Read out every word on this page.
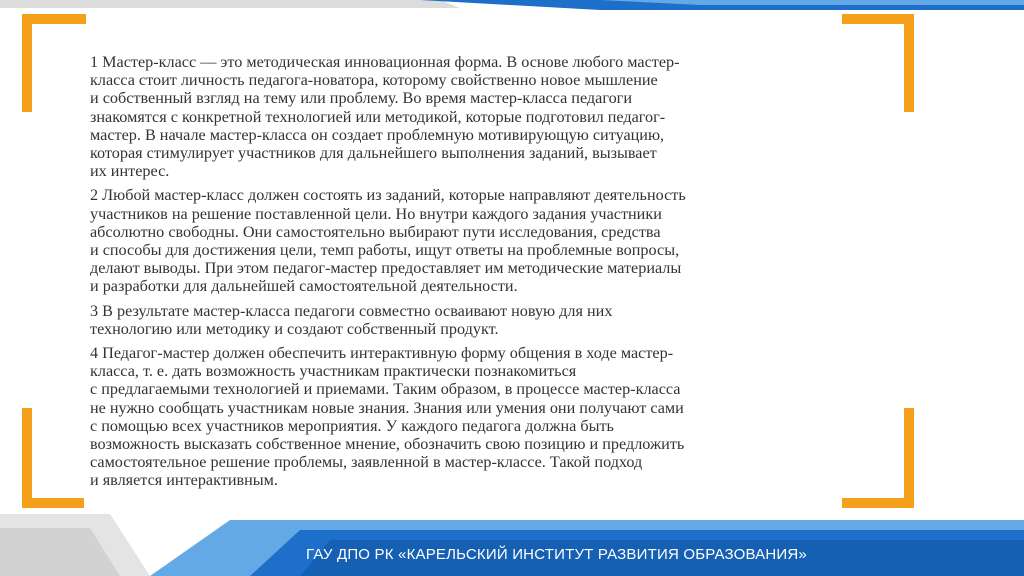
1 Мастер-класс — это методическая инновационная форма. В основе любого мастер-
класса стоит личность педагога-новатора, которому свойственно новое мышление
и собственный взгляд на тему или проблему. Во время мастер-класса педагоги
знакомятся с конкретной технологией или методикой, которые подготовил педагог-
мастер. В начале мастер-класса он создает проблемную мотивирующую ситуацию,
которая стимулирует участников для дальнейшего выполнения заданий, вызывает
их интерес.
2 Любой мастер-класс должен состоять из заданий, которые направляют деятельность
участников на решение поставленной цели. Но внутри каждого задания участники
абсолютно свободны. Они самостоятельно выбирают пути исследования, средства
и способы для достижения цели, темп работы, ищут ответы на проблемные вопросы,
делают выводы. При этом педагог-мастер предоставляет им методические материалы
и разработки для дальнейшей самостоятельной деятельности.
3 В результате мастер-класса педагоги совместно осваивают новую для них
технологию или методику и создают собственный продукт.
4 Педагог-мастер должен обеспечить интерактивную форму общения в ходе мастер-
класса, т. е. дать возможность участникам практически познакомиться
с предлагаемыми технологией и приемами. Таким образом, в процессе мастер-класса
не нужно сообщать участникам новые знания. Знания или умения они получают сами
с помощью всех участников мероприятия. У каждого педагога должна быть
возможность высказать собственное мнение, обозначить свою позицию и предложить
самостоятельное решение проблемы, заявленной в мастер-классе. Такой подход
и является интерактивным.
ГАУ ДПО РК «КАРЕЛЬСКИЙ ИНСТИТУТ РАЗВИТИЯ ОБРАЗОВАНИЯ»
